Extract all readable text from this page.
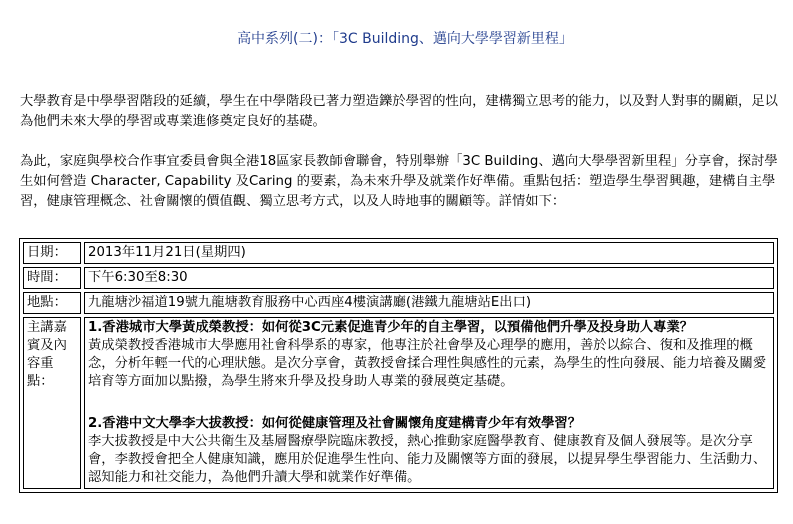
高中系列(二)：「3C Building、邁向大學學習新里程」

大學教育是中學學習階段的延續，學生在中學階段已著力塑造鑠於學習的性向，建構獨立思考的能力，以及對人對事的關顧，足以為他們未來大學的學習或專業進修奠定良好的基礎。

為此，家庭與學校合作事宜委員會與全港18區家長教師會聯會，特別舉辦「3C Building、邁向大學學習新里程」分享會，探討學生如何營造 Character, Capability 及Caring 的要素，為未來升學及就業作好準備。重點包括：塑造學生學習興趣，建構自主學習，健康管理概念、社會關懷的價值觀、獨立思考方式，以及人時地事的關顧等。詳情如下：

日期：	2013年11月21日(星期四)
時間：	下午6:30至8:30
地點：	九龍塘沙福道19號九龍塘教育服務中心西座4樓演講廳(港鐵九龍塘站E出口)
主講嘉賓及內容重點：	1.香港城市大學黃成榮教授：如何從3C元素促進青少年的自主學習，以預備他們升學及投身助人專業？
黃成榮教授香港城市大學應用社會科學系的專家，他專注於社會學及心理學的應用，善於以綜合、復和及推理的概念，分析年輕一代的心理狀態。是次分享會，黃教授會揉合理性與感性的元素，為學生的性向發展、能力培養及關愛培育等方面加以點撥，為學生將來升學及投身助人專業的發展奠定基礎。
2.香港中文大學李大拔教授：如何從健康管理及社會關懷角度建構青少年有效學習？
李大拔教授是中大公共衛生及基層醫療學院臨床教授，熱心推動家庭醫學教育、健康教育及個人發展等。是次分享會，李教授會把全人健康知識，應用於促進學生性向、能力及關懷等方面的發展，以提昇學生學習能力、生活動力、認知能力和社交能力，為他們升讀大學和就業作好準備。
